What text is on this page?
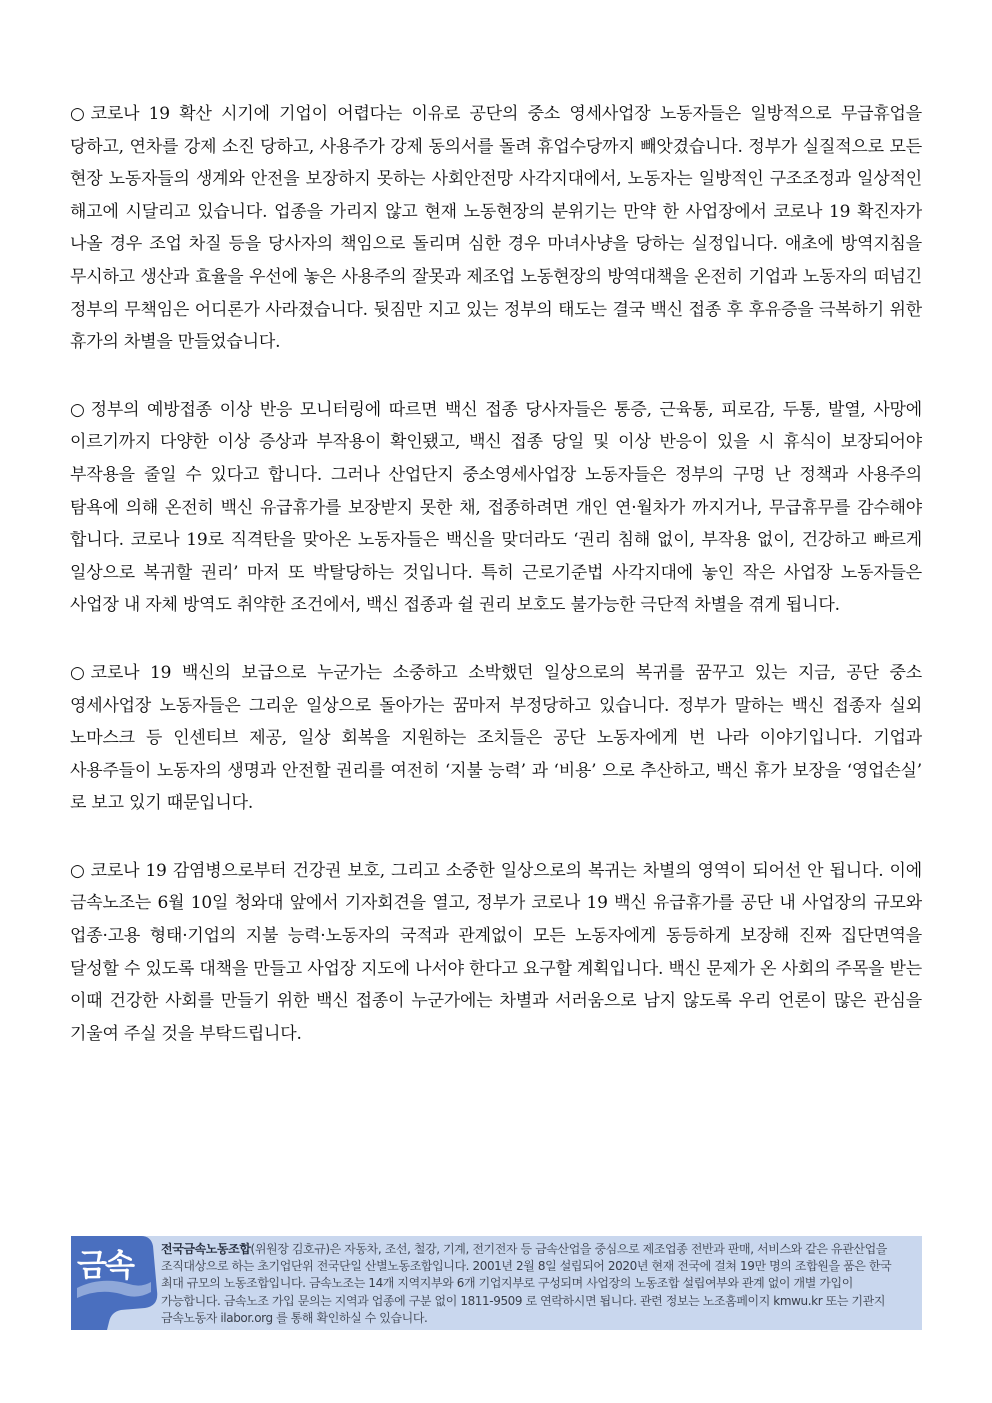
○ 코로나 19 확산 시기에 기업이 어렵다는 이유로 공단의 중소 영세사업장 노동자들은 일방적으로 무급휴업을 당하고, 연차를 강제 소진 당하고, 사용주가 강제 동의서를 돌려 휴업수당까지 빼앗겼습니다. 정부가 실질적으로 모든 현장 노동자들의 생계와 안전을 보장하지 못하는 사회안전망 사각지대에서, 노동자는 일방적인 구조조정과 일상적인 해고에 시달리고 있습니다. 업종을 가리지 않고 현재 노동현장의 분위기는 만약 한 사업장에서 코로나 19 확진자가 나올 경우 조업 차질 등을 당사자의 책임으로 돌리며 심한 경우 마녀사냥을 당하는 실정입니다. 애초에 방역지침을 무시하고 생산과 효율을 우선에 놓은 사용주의 잘못과 제조업 노동현장의 방역대책을 온전히 기업과 노동자의 떠넘긴 정부의 무책임은 어디론가 사라졌습니다. 뒷짐만 지고 있는 정부의 태도는 결국 백신 접종 후 후유증을 극복하기 위한 휴가의 차별을 만들었습니다.

○ 정부의 예방접종 이상 반응 모니터링에 따르면 백신 접종 당사자들은 통증, 근육통, 피로감, 두통, 발열, 사망에 이르기까지 다양한 이상 증상과 부작용이 확인됐고, 백신 접종 당일 및 이상 반응이 있을 시 휴식이 보장되어야 부작용을 줄일 수 있다고 합니다. 그러나 산업단지 중소영세사업장 노동자들은 정부의 구멍 난 정책과 사용주의 탐욕에 의해 온전히 백신 유급휴가를 보장받지 못한 채, 접종하려면 개인 연·월차가 까지거나, 무급휴무를 감수해야 합니다. 코로나 19로 직격탄을 맞아온 노동자들은 백신을 맞더라도 ‘권리 침해 없이, 부작용 없이, 건강하고 빠르게 일상으로 복귀할 권리’ 마저 또 박탈당하는 것입니다. 특히 근로기준법 사각지대에 놓인 작은 사업장 노동자들은 사업장 내 자체 방역도 취약한 조건에서, 백신 접종과 쉴 권리 보호도 불가능한 극단적 차별을 겪게 됩니다.

○ 코로나 19 백신의 보급으로 누군가는 소중하고 소박했던 일상으로의 복귀를 꿈꾸고 있는 지금, 공단 중소 영세사업장 노동자들은 그리운 일상으로 돌아가는 꿈마저 부정당하고 있습니다. 정부가 말하는 백신 접종자 실외 노마스크 등 인센티브 제공, 일상 회복을 지원하는 조치들은 공단 노동자에게 번 나라 이야기입니다. 기업과 사용주들이 노동자의 생명과 안전할 권리를 여전히 ‘지불 능력’ 과 ‘비용’ 으로 추산하고, 백신 휴가 보장을 ‘영업손실’ 로 보고 있기 때문입니다.

○ 코로나 19 감염병으로부터 건강권 보호, 그리고 소중한 일상으로의 복귀는 차별의 영역이 되어선 안 됩니다. 이에 금속노조는 6월 10일 청와대 앞에서 기자회견을 열고, 정부가 코로나 19 백신 유급휴가를 공단 내 사업장의 규모와 업종·고용 형태·기업의 지불 능력·노동자의 국적과 관계없이 모든 노동자에게 동등하게 보장해 진짜 집단면역을 달성할 수 있도록 대책을 만들고 사업장 지도에 나서야 한다고 요구할 계획입니다. 백신 문제가 온 사회의 주목을 받는 이때 건강한 사회를 만들기 위한 백신 접종이 누군가에는 차별과 서러움으로 남지 않도록 우리 언론이 많은 관심을 기울여 주실 것을 부탁드립니다.

금속 전국금속노동조합(위원장 김호규)은 자동차, 조선, 철강, 기계, 전기전자 등 금속산업을 중심으로 제조업종 전반과 판매, 서비스와 같은 유관산업을 조직대상으로 하는 초기업단위 전국단일 산별노동조합입니다. 2001년 2월 8일 설립되어 2020년 현재 전국에 걸쳐 19만 명의 조합원을 품은 한국 최대 규모의 노동조합입니다. 금속노조는 14개 지역지부와 6개 기업지부로 구성되며 사업장의 노동조합 설립여부와 관계 없이 개별 가입이 가능합니다. 금속노조 가입 문의는 지역과 업종에 구분 없이 1811-9509 로 연락하시면 됩니다. 관련 정보는 노조홈페이지 kmwu.kr 또는 기관지 금속노동자 ilabor.org 를 통해 확인하실 수 있습니다.
